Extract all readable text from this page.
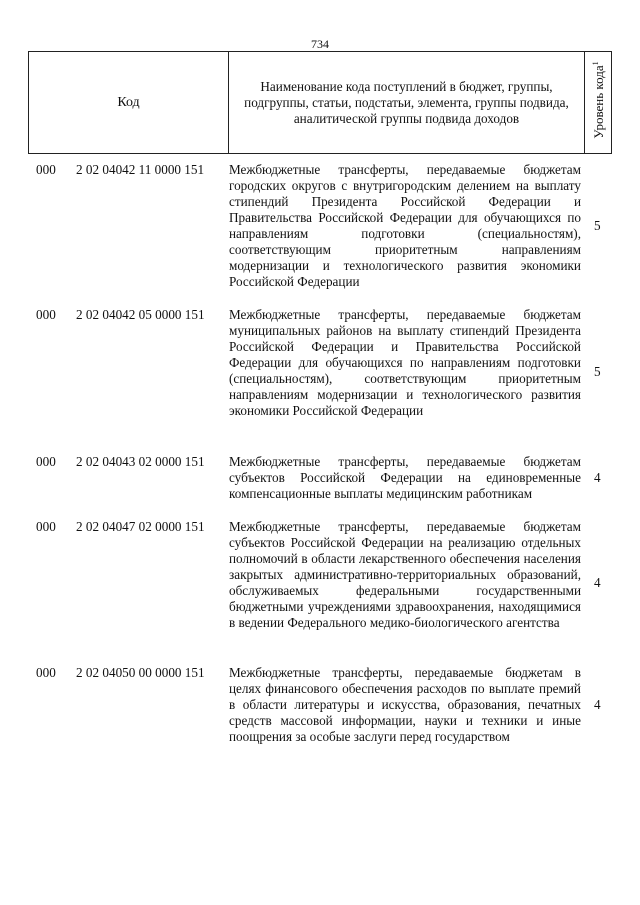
734
Код
Наименование кода поступлений в бюджет, группы, подгруппы, статьи, подстатьи, элемента, группы подвида, аналитической группы подвида доходов	Уровень кода$^1$
000 2 02 04042 11 0000 151 Межбюджетные трансферты, передаваемые бюджетам городских округов с внутригородским делением на выплату стипендий Президента Российской Федерации и Правительства Российской Федерации для обучающихся по направлениям подготовки (специальностям), соответствующим приоритетным направлениям модернизации и технологического развития экономики Российской Федерации
5
000 2 02 04042 05 0000 151 Межбюджетные трансферты, передаваемые бюджетам муниципальных районов на выплату стипендий Президента Российской Федерации и Правительства Российской Федерации для обучающихся по направлениям подготовки (специальностям), соответствующим приоритетным направлениям модернизации и технологического развития экономики Российской Федерации
5
000 2 02 04043 02 0000 151 Межбюджетные трансферты, передаваемые бюджетам субъектов Российской Федерации на единовременные компенсационные выплаты медицинским работникам
4
000 2 02 04047 02 0000 151 Межбюджетные трансферты, передаваемые бюджетам субъектов Российской Федерации на реализацию отдельных полномочий в области лекарственного обеспечения населения закрытых административно-территориальных образований, обслуживаемых федеральными государственными бюджетными учреждениями здравоохранения, находящимися в ведении Федерального медико-биологического агентства
4
000 2 02 04050 00 0000 151 Межбюджетные трансферты, передаваемые бюджетам в целях финансового обеспечения расходов по выплате премий в области литературы и искусства, образования, печатных средств массовой информации, науки и техники и иные поощрения за особые заслуги перед государством
4
